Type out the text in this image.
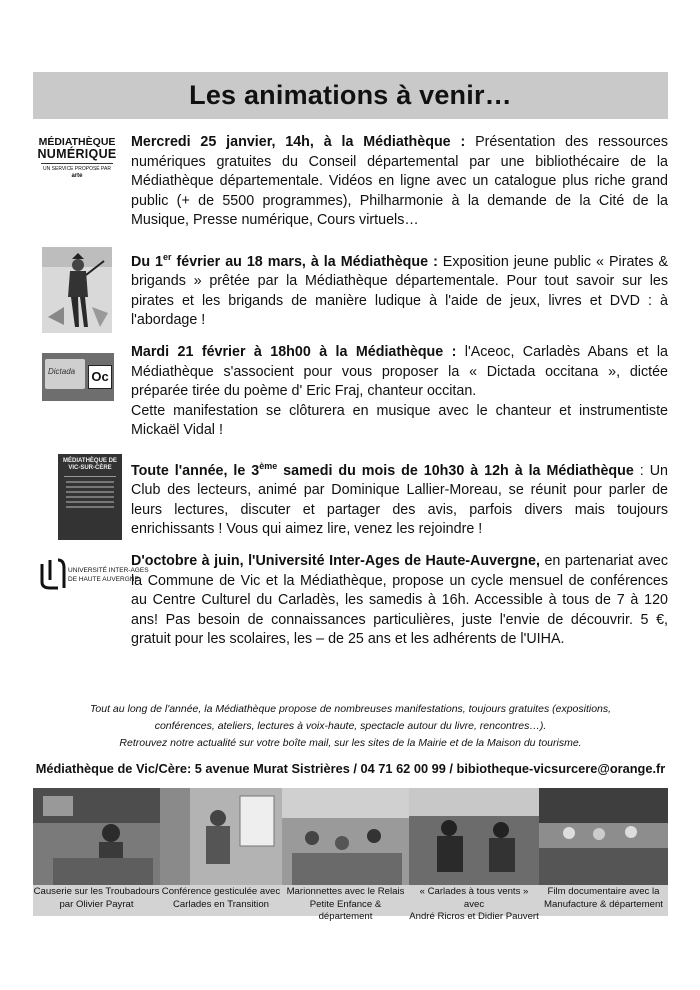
Les animations à venir…
MÉDIATHÈQUE
NUMÉRIQUE
UN SERVICE PROPOSÉ PAR
arte
Mercredi 25 janvier, 14h, à la Médiathèque : Présentation des ressources numériques gratuites du Conseil départemental par une bibliothécaire de la Médiathèque départementale. Vidéos en ligne avec un catalogue plus riche grand public (+ de 5500 programmes), Philharmonie à la demande de la Cité de la Musique, Presse numérique, Cours virtuels…
Du 1er février au 18 mars, à la Médiathèque : Exposition jeune public « Pirates & brigands » prêtée par la Médiathèque départementale. Pour tout savoir sur les pirates et les brigands de manière ludique à l'aide de jeux, livres et DVD : à l'abordage !
Dictada Oc
Mardi 21 février à 18h00 à la Médiathèque : l'Aceoc, Carladès Abans et la Médiathèque s'associent pour vous proposer la « Dictada occitana », dictée préparée tirée du poème d' Eric Fraj, chanteur occitan.
Cette manifestation se clôturera en musique avec le chanteur et instrumentiste Mickaël Vidal !
MÉDIATHÈQUE DE
VIC-SUR-CÈRE	Toute l'année, le 3ème samedi du mois de 10h30 à 12h à la Médiathèque : Un Club des lecteurs, animé par Dominique Lallier-Moreau, se réunit pour parler de leurs lectures, discuter et partager des avis, parfois divers mais toujours enrichissants ! Vous qui aimez lire, venez les rejoindre !
UNIVERSITÉ INTER-AGES
DE HAUTE AUVERGNE
D'octobre à juin, l'Université Inter-Ages de Haute-Auvergne, en partenariat avec la Commune de Vic et la Médiathèque, propose un cycle mensuel de conférences au Centre Culturel du Carladès, les samedis à 16h. Accessible à tous de 7 à 120 ans! Pas besoin de connaissances particulières, juste l'envie de découvrir. 5 €, gratuit pour les scolaires, les – de 25 ans et les adhérents de l'UIHA.
Tout au long de l'année, la Médiathèque propose de nombreuses manifestations, toujours gratuites (expositions,
conférences, ateliers, lectures à voix-haute, spectacle autour du livre, rencontres…).
Retrouvez notre actualité sur votre boîte mail, sur les sites de la Mairie et de la Maison du tourisme.
Médiathèque de Vic/Cère: 5 avenue Murat Sistrières / 04 71 62 00 99 / bibiotheque-vicsurcere@orange.fr
Causerie sur les Troubadours
par Olivier Payrat
Conférence gesticulée avec
Carlades en Transition
Marionnettes avec le Relais
Petite Enfance & département
« Carlades à tous vents » avec
André Ricros et Didier Pauvert
Film documentaire avec la
Manufacture & département
